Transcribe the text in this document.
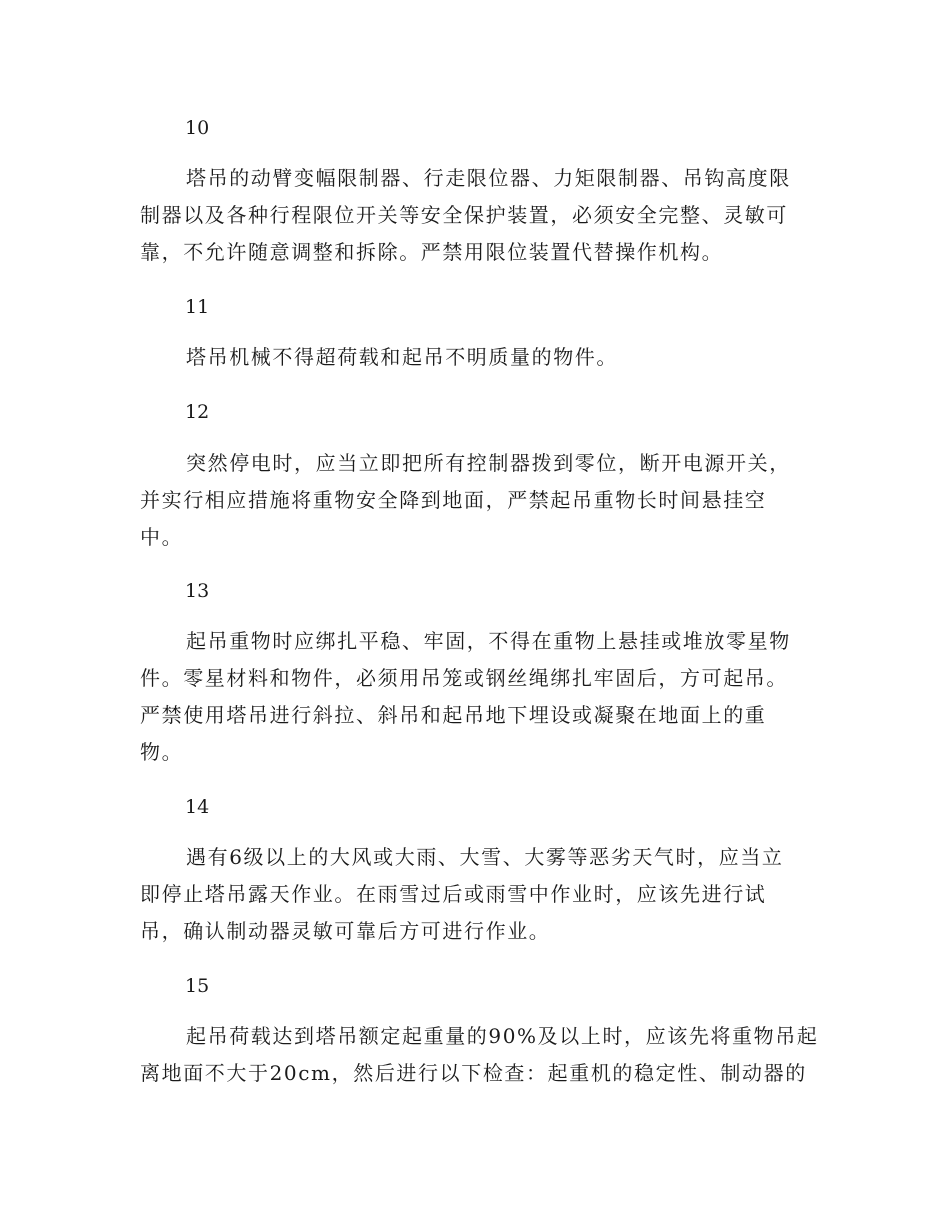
10
塔吊的动臂变幅限制器、行走限位器、力矩限制器、吊钩高度限
制器以及各种行程限位开关等安全保护装置，必须安全完整、灵敏可
靠，不允许随意调整和拆除。严禁用限位装置代替操作机构。
11
塔吊机械不得超荷载和起吊不明质量的物件。
12
突然停电时，应当立即把所有控制器拨到零位，断开电源开关，
并实行相应措施将重物安全降到地面，严禁起吊重物长时间悬挂空
中。
13
起吊重物时应绑扎平稳、牢固，不得在重物上悬挂或堆放零星物
件。零星材料和物件，必须用吊笼或钢丝绳绑扎牢固后，方可起吊。
严禁使用塔吊进行斜拉、斜吊和起吊地下埋设或凝聚在地面上的重
物。
14
遇有6级以上的大风或大雨、大雪、大雾等恶劣天气时，应当立
即停止塔吊露天作业。在雨雪过后或雨雪中作业时，应该先进行试
吊，确认制动器灵敏可靠后方可进行作业。
15
起吊荷载达到塔吊额定起重量的90%及以上时，应该先将重物吊起
离地面不大于20cm，然后进行以下检查：起重机的稳定性、制动器的
